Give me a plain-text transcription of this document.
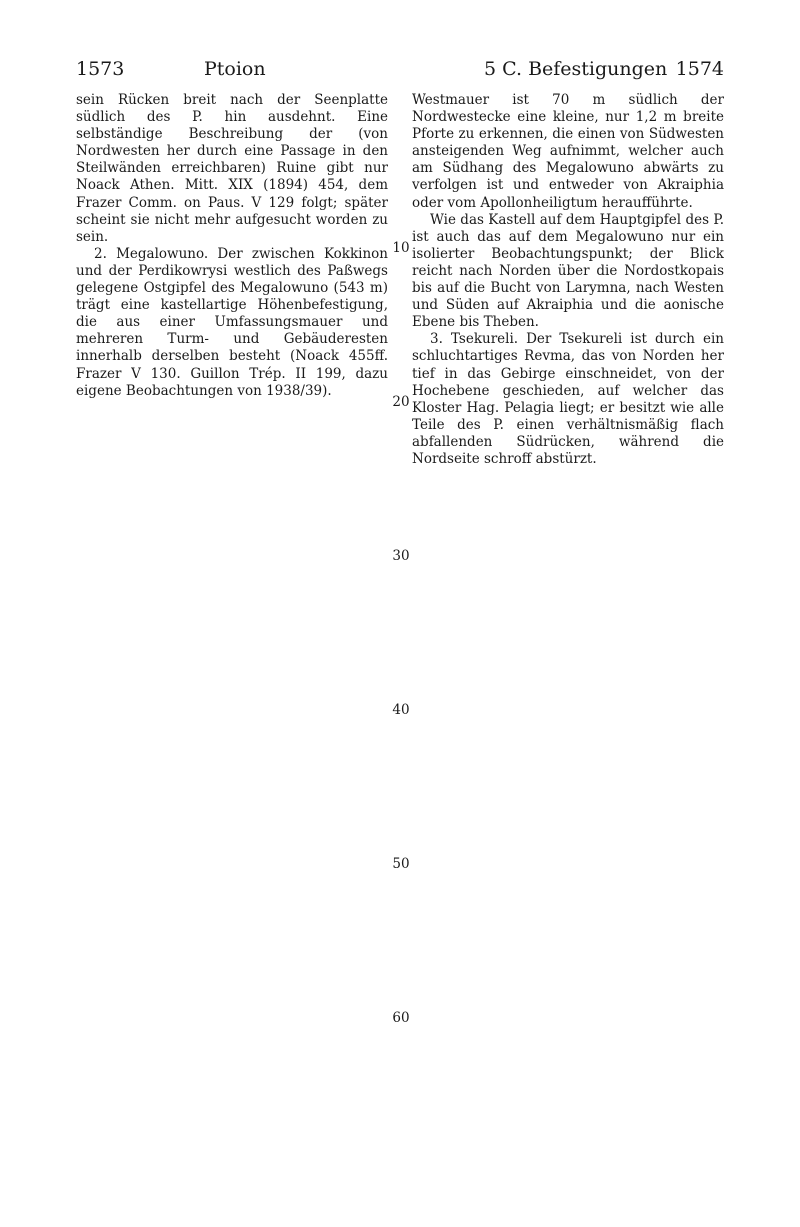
1573	Ptoion	5 C. Befestigungen 1574

sein Rücken breit nach der Seenplatte südlich des P. hin ausdehnt. Eine selbständige Beschreibung der (von Nordwesten her durch eine Passage in den Steilwänden erreichbaren) Ruine gibt nur Noack Athen. Mitt. XIX (1894) 454, dem Frazer Comm. on Paus. V 129 folgt; später scheint sie nicht mehr aufgesucht worden zu sein.

2. Megalowuno. Der zwischen Kokkinon und der Perdikowrysi westlich des Paßwegs gelegene Ostgipfel des Megalowuno (543 m) trägt eine kastellartige Höhenbefestigung, die aus einer Umfassungsmauer und mehreren Turm- und Gebäuderesten innerhalb derselben besteht (Noack 455ff. Frazer V 130. Guillon Trép. II 199, dazu eigene Beobachtungen von 1938/39).

10
20
30
40
50
60

Westmauer ist 70 m südlich der Nordwestecke eine kleine, nur 1,2 m breite Pforte zu erkennen, die einen von Südwesten ansteigenden Weg aufnimmt, welcher auch am Südhang des Megalowuno abwärts zu verfolgen ist und entweder von Akraiphia oder vom Apollonheiligtum heraufführte.

Wie das Kastell auf dem Hauptgipfel des P. ist auch das auf dem Megalowuno nur ein isolierter Beobachtungspunkt; der Blick reicht nach Norden über die Nordostkopais bis auf die Bucht von Larymna, nach Westen und Süden auf Akraiphia und die aonische Ebene bis Theben.

3. Tsekureli. Der Tsekureli ist durch ein schluchtartiges Revma, das von Norden her tief in das Gebirge einschneidet, von der Hochebene geschieden, auf welcher das Kloster Hag. Pelagia liegt; er besitzt wie alle Teile des P. einen verhältnismäßig flach abfallenden Südrücken, während die Nordseite schroff abstürzt.
